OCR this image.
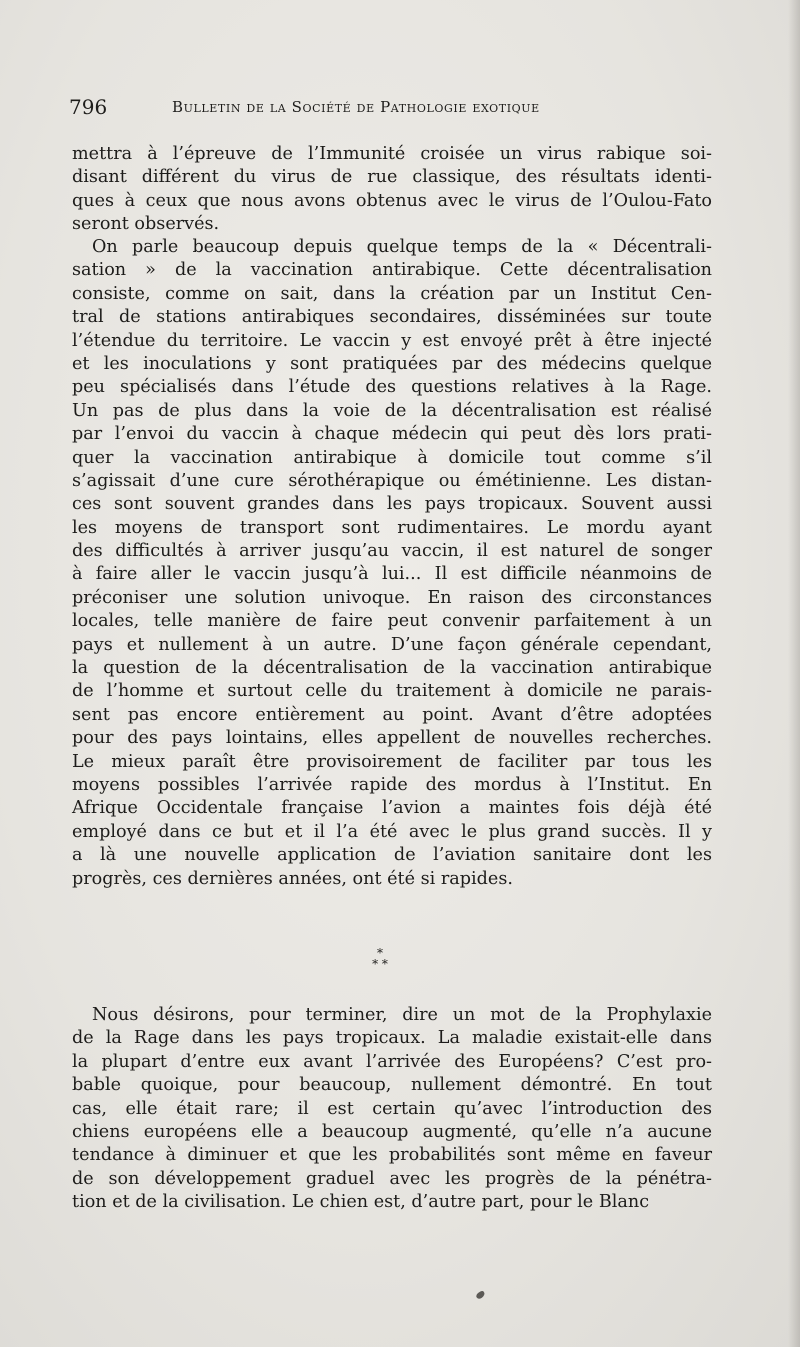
796	Bulletin de la Société de Pathologie exotique

mettra à l’épreuve de l’Immunité croisée un virus rabique soi-
disant différent du virus de rue classique, des résultats identi-
ques à ceux que nous avons obtenus avec le virus de l’Oulou-Fato
seront observés.

On parle beaucoup depuis quelque temps de la « Décentrali-
sation » de la vaccination antirabique. Cette décentralisation
consiste, comme on sait, dans la création par un Institut Cen-
tral de stations antirabiques secondaires, disséminées sur toute
l’étendue du territoire. Le vaccin y est envoyé prêt à être injecté
et les inoculations y sont pratiquées par des médecins quelque
peu spécialisés dans l’étude des questions relatives à la Rage.
Un pas de plus dans la voie de la décentralisation est réalisé
par l’envoi du vaccin à chaque médecin qui peut dès lors prati-
quer la vaccination antirabique à domicile tout comme s’il
s’agissait d’une cure sérothérapique ou émétinienne. Les distan-
ces sont souvent grandes dans les pays tropicaux. Souvent aussi
les moyens de transport sont rudimentaires. Le mordu ayant
des difficultés à arriver jusqu’au vaccin, il est naturel de songer
à faire aller le vaccin jusqu’à lui... Il est difficile néanmoins de
préconiser une solution univoque. En raison des circonstances
locales, telle manière de faire peut convenir parfaitement à un
pays et nullement à un autre. D’une façon générale cependant,
la question de la décentralisation de la vaccination antirabique
de l’homme et surtout celle du traitement à domicile ne parais-
sent pas encore entièrement au point. Avant d’être adoptées
pour des pays lointains, elles appellent de nouvelles recherches.
Le mieux paraît être provisoirement de faciliter par tous les
moyens possibles l’arrivée rapide des mordus à l’Institut. En
Afrique Occidentale française l’avion a maintes fois déjà été
employé dans ce but et il l’a été avec le plus grand succès. Il y
a là une nouvelle application de l’aviation sanitaire dont les
progrès, ces dernières années, ont été si rapides.

*
* *

Nous désirons, pour terminer, dire un mot de la Prophylaxie
de la Rage dans les pays tropicaux. La maladie existait-elle dans
la plupart d’entre eux avant l’arrivée des Européens? C’est pro-
bable quoique, pour beaucoup, nullement démontré. En tout
cas, elle était rare; il est certain qu’avec l’introduction des
chiens européens elle a beaucoup augmenté, qu’elle n’a aucune
tendance à diminuer et que les probabilités sont même en faveur
de son développement graduel avec les progrès de la pénétra-
tion et de la civilisation. Le chien est, d’autre part, pour le Blanc
